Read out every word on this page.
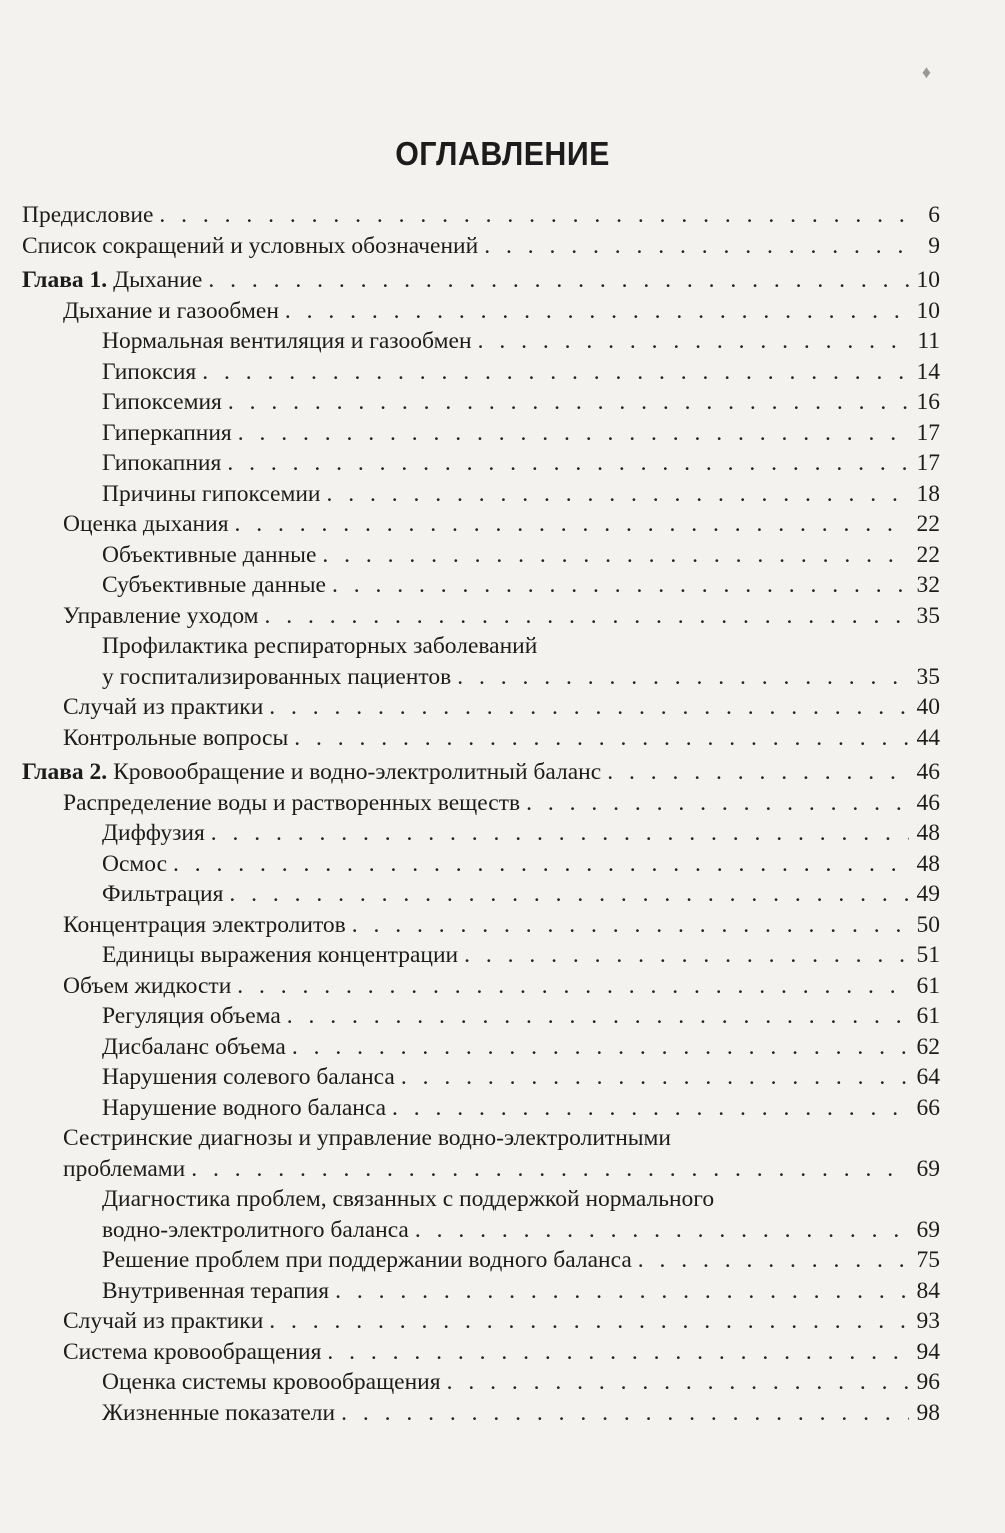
♦
ОГЛАВЛЕНИЕ
Предисловие . . .	6
Список сокращений и условных обозначений . . .	9
Глава 1. Дыхание . . .	10
Дыхание и газообмен . . .	10
Нормальная вентиляция и газообмен . . .	11
Гипоксия . . .	14
Гипоксемия . . .	16
Гиперкапния . . .	17
Гипокапния . . .	17
Причины гипоксемии . . .	18
Оценка дыхания . . .	22
Объективные данные . . .	22
Субъективные данные . . .	32
Управление уходом . . .	35
Профилактика респираторных заболеваний
у госпитализированных пациентов . . .	35
Случай из практики . . .	40
Контрольные вопросы . . .	44
Глава 2. Кровообращение и водно-электролитный баланс . . .	46
Распределение воды и растворенных веществ . . .	46
Диффузия . . .	48
Осмос . . .	48
Фильтрация . . .	49
Концентрация электролитов . . .	50
Единицы выражения концентрации . . .	51
Объем жидкости . . .	61
Регуляция объема . . .	61
Дисбаланс объема . . .	62
Нарушения солевого баланса . . .	64
Нарушение водного баланса . . .	66
Сестринские диагнозы и управление водно-электролитными
проблемами . . .	69
Диагностика проблем, связанных с поддержкой нормального
водно-электролитного баланса . . .	69
Решение проблем при поддержании водного баланса . . .	75
Внутривенная терапия . . .	84
Случай из практики . . .	93
Система кровообращения . . .	94
Оценка системы кровообращения . . .	96
Жизненные показатели . . .	98
